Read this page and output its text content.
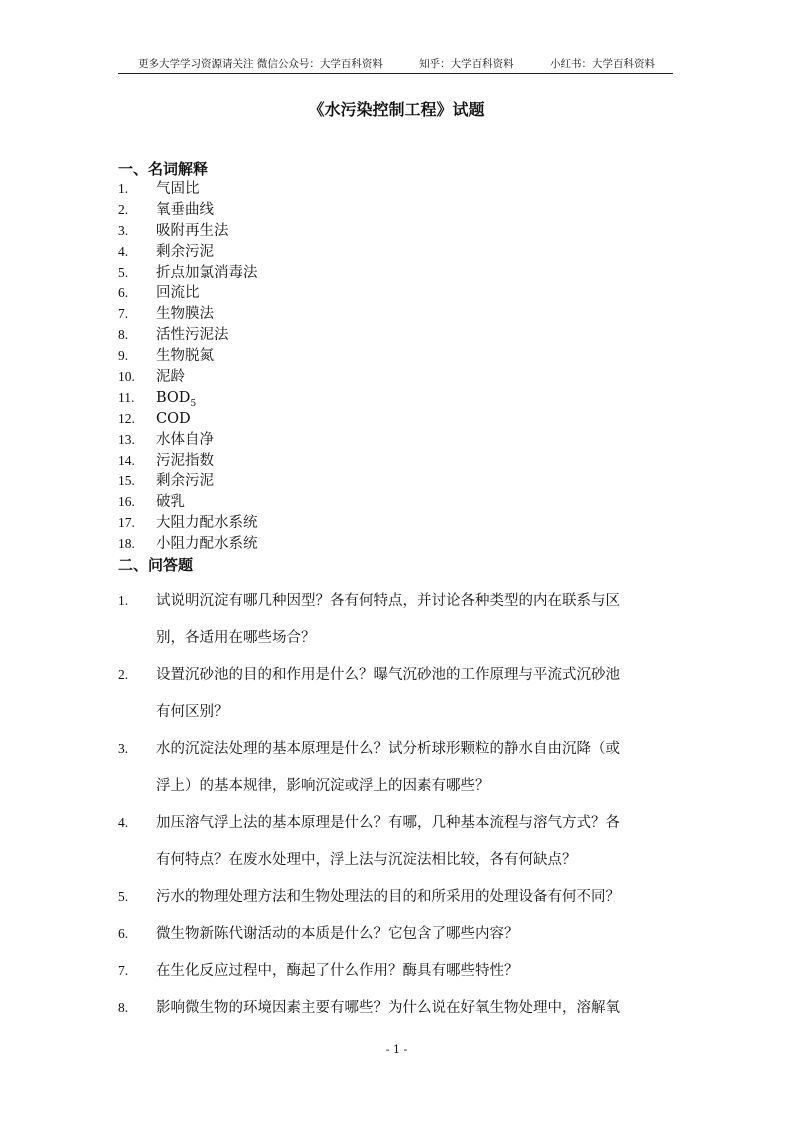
更多大学学习资源请关注 微信公众号：大学百科资料	知乎：大学百科资料	小红书：大学百科资料
《水污染控制工程》试题
一、名词解释
1.	气固比
2.	氧垂曲线
3.	吸附再生法
4.	剩余污泥
5.	折点加氯消毒法
6.	回流比
7.	生物膜法
8.	活性污泥法
9.	生物脱氮
10.	泥龄
11.	$BOD_5$
12.	COD
13.	水体自净
14.	污泥指数
15.	剩余污泥
16.	破乳
17.	大阻力配水系统
18.	小阻力配水系统
二、问答题
1.	试说明沉淀有哪几种因型？各有何特点，并讨论各种类型的内在联系与区
别，各适用在哪些场合？
2.	设置沉砂池的目的和作用是什么？曝气沉砂池的工作原理与平流式沉砂池
有何区别？
3.	水的沉淀法处理的基本原理是什么？试分析球形颗粒的静水自由沉降（或
浮上）的基本规律，影响沉淀或浮上的因素有哪些？
4.	加压溶气浮上法的基本原理是什么？有哪，几种基本流程与溶气方式？各
有何特点？在废水处理中，浮上法与沉淀法相比较，各有何缺点？
5.	污水的物理处理方法和生物处理法的目的和所采用的处理设备有何不同？
6.	微生物新陈代谢活动的本质是什么？它包含了哪些内容？
7.	在生化反应过程中，酶起了什么作用？酶具有哪些特性？
8.	影响微生物的环境因素主要有哪些？为什么说在好氧生物处理中，溶解氧
- 1 -
